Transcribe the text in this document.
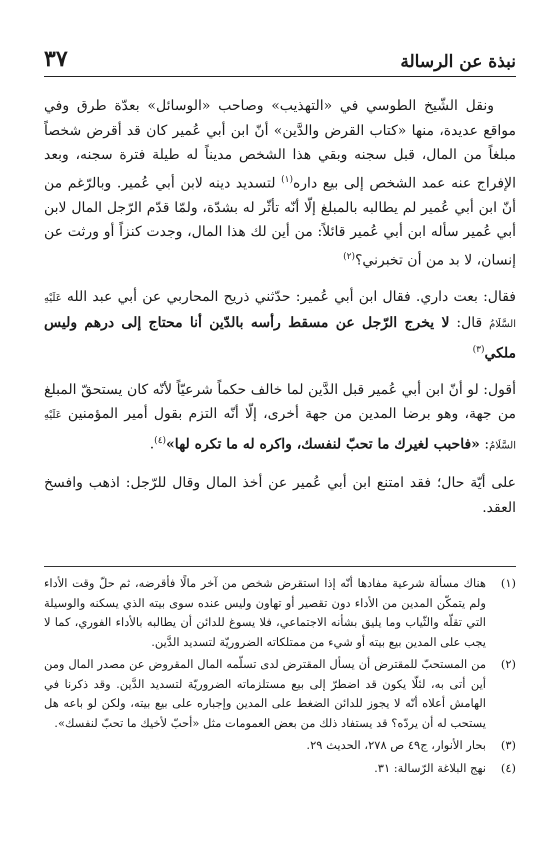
نبذة عن الرسالة
٣٧

ونقل الشّيخ الطوسي في «التهذيب» وصاحب «الوسائل» بعدّة طرق وفي مواقع عديدة، منها «كتاب القرض والدَّين» أنّ ابن أبي عُمير كان قد أقرض شخصاً مبلغاً من المال، قبل سجنه وبقي هذا الشخص مديناً له طيلة فترة سجنه، وبعد الإفراج عنه عمد الشخص إلى بيع داره$^{(١)}$ لتسديد دينه لابن أبي عُمير. وبالرّغم من أنّ ابن أبي عُمير لم يطالبه بالمبلغ إلّا أنّه تأثّر له بشدّة، ولمّا قدّم الرّجل المال لابن أبي عُمير سأله ابن أبي عُمير قائلاً: من أين لك هذا المال، وجدت كنزاً أو ورثت عن إنسان، لا بد من أن تخبرني؟$^{(٢)}$

فقال: بعت داري. فقال ابن أبي عُمير: حدّثني ذريح المحاربي عن أبي عبد الله عَلَيْهِ السَّلَامُ قال: لا يخرج الرّجل عن مسقط رأسه بالدّين أنا محتاج إلى درهم وليس ملكي$^{(٣)}$

أقول: لو أنّ ابن أبي عُمير قبل الدَّين لما خالف حكماً شرعيّاً لأنّه كان يستحقّ المبلغ من جهة، وهو برضا المدين من جهة أخرى، إلّا أنّه التزم بقول أمير المؤمنين عَلَيْهِ السَّلَامُ: «فاحبب لغيرك ما تحبّ لنفسك، واكره له ما تكره لها»$^{(٤)}$.

على أيّة حال؛ فقد امتنع ابن أبي عُمير عن أخذ المال وقال للرّجل: اذهب وافسخ العقد.

(١)
هناك مسألة شرعية مفادها أنّه إذا استقرض شخص من آخر مالًا فأقرضه، ثم حلّ وقت الأداء ولم يتمكّن المدين من الأداء دون تقصير أو تهاون وليس عنده سوى بيته الذي يسكنه والوسيلة التي تقلّه والثّياب وما يليق بشأنه الاجتماعي، فلا يسوغ للدائن أن يطالبه بالأداء الفوري، كما لا يجب على المدين بيع بيته أو شيء من ممتلكاته الضروريّة لتسديد الدَّين.
(٢)
من المستحبّ للمقترض أن يسأل المقترض لدى تسلّمه المال المقروض عن مصدر المال ومن أين أتى به، لئلّا يكون قد اضطرّ إلى بيع مستلزماته الضروريّة لتسديد الدَّين. وقد ذكرنا في الهامش أعلاه أنّه لا يجوز للدائن الضغط على المدين وإجباره على بيع بيته، ولكن لو باعه هل يستحب له أن يردّه؟ قد يستفاد ذلك من بعض العمومات مثل «أحبّ لأخيك ما تحبّ لنفسك».
(٣)
بحار الأنوار، ج٤٩ ص ٢٧٨، الحديث ٢٩.
(٤)
نهج البلاغة الرّسالة: ٣١.
